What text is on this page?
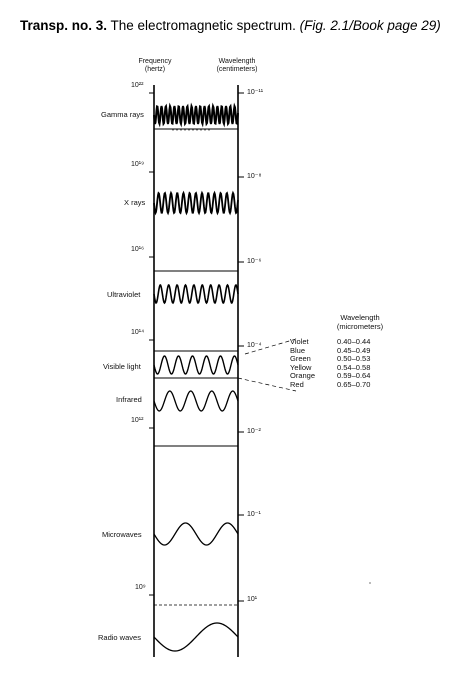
Transp. no. 3. The electromagnetic spectrum. (Fig. 2.1/Book page 29)
Frequency
(hertz)
Wavelength
(centimeters)
10²²
10¹⁹
10¹⁶
10¹⁴
10¹²
10⁹
10⁻¹¹
10⁻⁸
10⁻⁶
10⁻⁴
10⁻²
10⁻¹
10¹
Gamma rays
X rays
Ultraviolet
Visible light
Infrared
Microwaves
Radio waves
Wavelength
(micrometers)
Violet	0.40–0.44
Blue	0.45–0.49
Green	0.50–0.53
Yellow	0.54–0.58
Orange	0.59–0.64
Red	0.65–0.70
